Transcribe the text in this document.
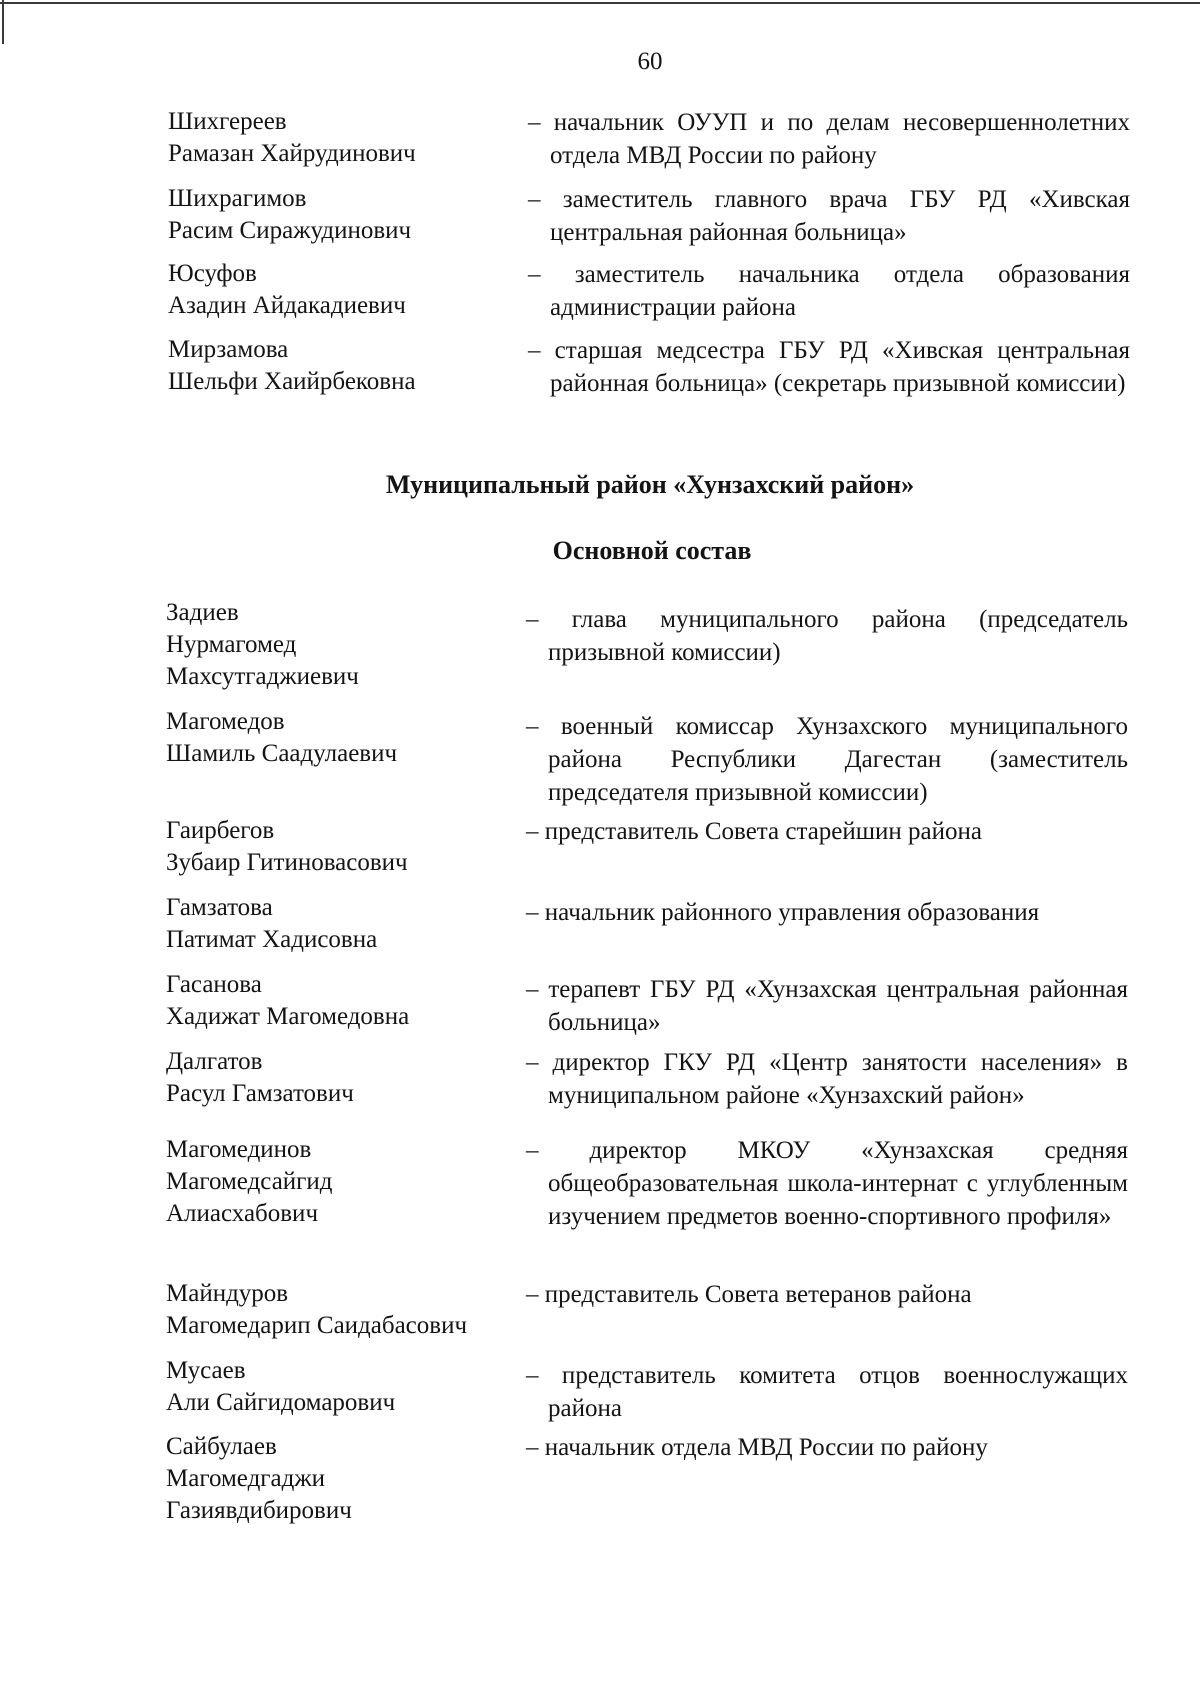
60
Шихгереев
Рамазан Хайрудинович
– начальник ОУУП и по делам несовершеннолетних отдела МВД России по району
Шихрагимов
Расим Сиражудинович
– заместитель главного врача ГБУ РД «Хивская центральная районная больница»
Юсуфов
Азадин Айдакадиевич
– заместитель начальника отдела образования администрации района
Мирзамова
Шельфи Хаийрбековна
– старшая медсестра ГБУ РД «Хивская центральная районная больница» (секретарь призывной комиссии)
Муниципальный район «Хунзахский район»
Основной состав
Задиев
Нурмагомед
Махсутгаджиевич
– глава муниципального района (председатель призывной комиссии)
Магомедов
Шамиль Саадулаевич
– военный комиссар Хунзахского муниципального района Республики Дагестан (заместитель председателя призывной комиссии)
Гаирбегов
Зубаир Гитиновасович
– представитель Совета старейшин района
Гамзатова
Патимат Хадисовна
– начальник районного управления образования
Гасанова
Хадижат Магомедовна
– терапевт ГБУ РД «Хунзахская центральная районная больница»
Далгатов
Расул Гамзатович
– директор ГКУ РД «Центр занятости населения» в муниципальном районе «Хунзахский район»
Магомединов
Магомедсайгид
Алиасхабович
– директор МКОУ «Хунзахская средняя общеобразовательная школа-интернат с углубленным изучением предметов военно-спортивного профиля»
Майндуров
Магомедарип Саидабасович
– представитель Совета ветеранов района
Мусаев
Али Сайгидомарович
– представитель комитета отцов военнослужащих района
Сайбулаев
Магомедгаджи
Газиявдибирович
– начальник отдела МВД России по району
